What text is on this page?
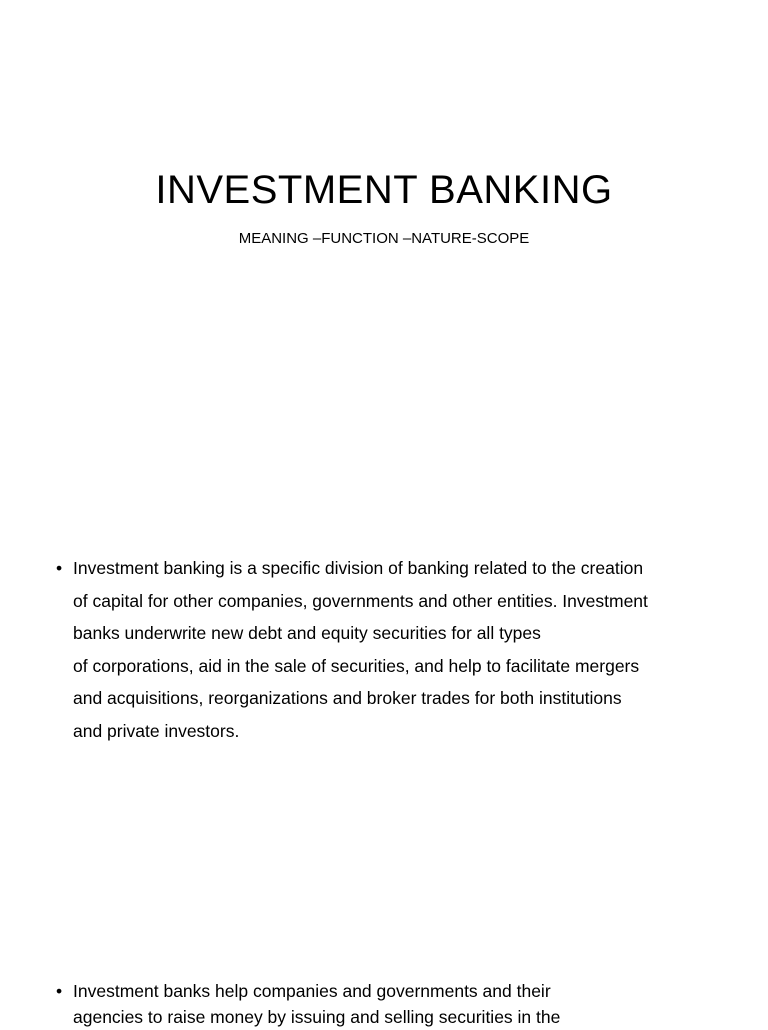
INVESTMENT BANKING
MEANING –FUNCTION –NATURE-SCOPE
• Investment banking is a specific division of banking related to the creation
of capital for other companies, governments and other entities. Investment
banks underwrite new debt and equity securities for all types
of corporations, aid in the sale of securities, and help to facilitate mergers
and acquisitions, reorganizations and broker trades for both institutions
and private investors.
• Investment banks help companies and governments and their
agencies to raise money by issuing and selling securities in the
